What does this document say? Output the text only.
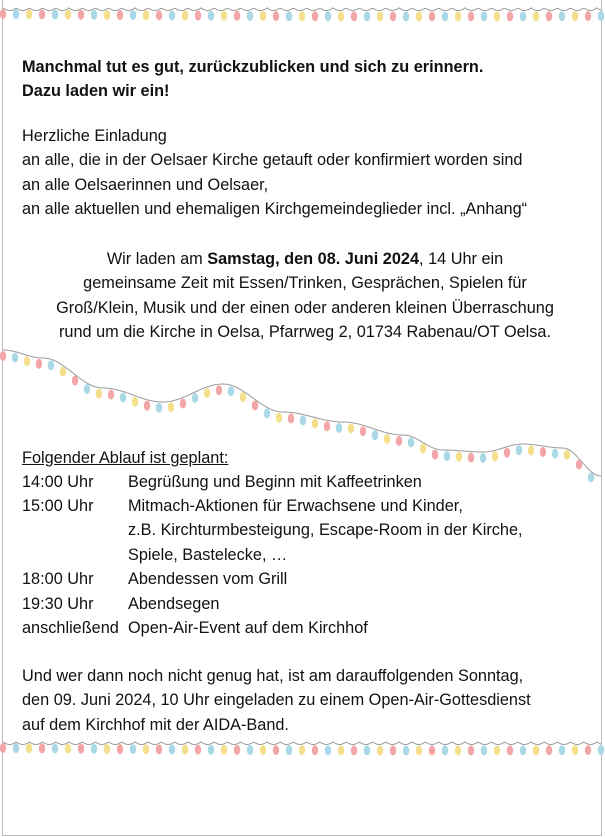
Manchmal tut es gut, zurückzublicken und sich zu erinnern.
Dazu laden wir ein!
Herzliche Einladung
an alle, die in der Oelsaer Kirche getauft oder konfirmiert worden sind
an alle Oelsaerinnen und Oelsaer,
an alle aktuellen und ehemaligen Kirchgemeindeglieder incl. „Anhang“
Wir laden am Samstag, den 08. Juni 2024, 14 Uhr ein
gemeinsame Zeit mit Essen/Trinken, Gesprächen, Spielen für
Groß/Klein, Musik und der einen oder anderen kleinen Überraschung
rund um die Kirche in Oelsa, Pfarrweg 2, 01734 Rabenau/OT Oelsa.
Folgender Ablauf ist geplant:
14:00 Uhr Begrüßung und Beginn mit Kaffeetrinken
15:00 Uhr Mitmach-Aktionen für Erwachsene und Kinder,
z.B. Kirchturmbesteigung, Escape-Room in der Kirche,
Spiele, Bastelecke, …
18:00 Uhr Abendessen vom Grill
19:30 Uhr Abendsegen
anschließend Open-Air-Event auf dem Kirchhof
Und wer dann noch nicht genug hat, ist am darauffolgenden Sonntag,
den 09. Juni 2024, 10 Uhr eingeladen zu einem Open-Air-Gottesdienst
auf dem Kirchhof mit der AIDA-Band.
